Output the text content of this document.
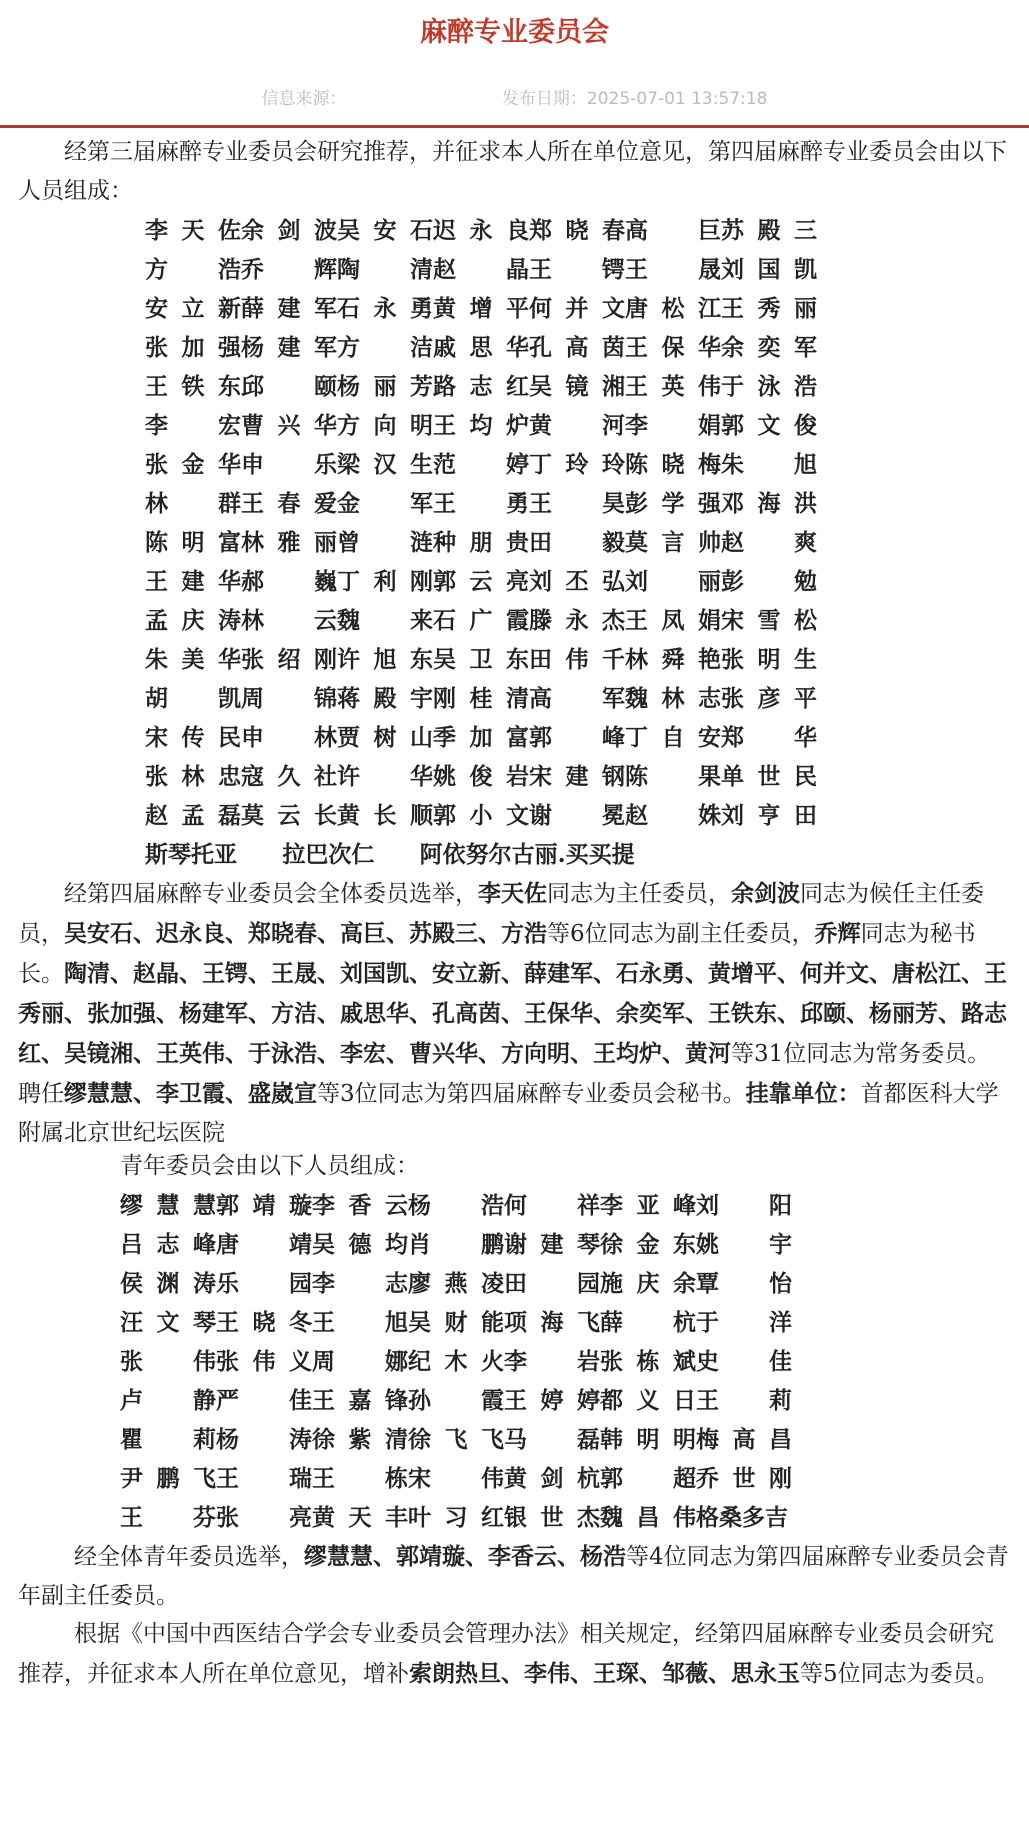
麻醉专业委员会
信息来源：	发布日期：2025-07-01 13:57:18

经第三届麻醉专业委员会研究推荐，并征求本人所在单位意见，第四届麻醉专业委员会由以下人员组成：

李天佐余剑波吴安石迟永良郑晓春高　巨苏殿三
方　浩乔　辉陶　清赵　晶王　锷王　晟刘国凯
安立新薛建军石永勇黄增平何并文唐松江王秀丽
张加强杨建军方　洁戚思华孔高茵王保华余奕军
王铁东邱　颐杨丽芳路志红吴镜湘王英伟于泳浩
李　宏曹兴华方向明王均炉黄　河李　娟郭文俊
张金华申　乐梁汉生范　婷丁玲玲陈晓梅朱　旭
林　群王春爱金　军王　勇王　昊彭学强邓海洪
陈明富林雅丽曾　涟种朋贵田　毅莫言帅赵　爽
王建华郝　巍丁利刚郭云亮刘丕弘刘　丽彭　勉
孟庆涛林　云魏　来石广霞滕永杰王凤娟宋雪松
朱美华张绍刚许旭东吴卫东田伟千林舜艳张明生
胡　凯周　锦蒋殿宇刚桂清高　军魏林志张彦平
宋传民申　林贾树山季加富郭　峰丁自安郑　华
张林忠寇久社许　华姚俊岩宋建钢陈　果单世民
赵孟磊莫云长黄长顺郭小文谢　冕赵　姝刘亨田
斯琴托亚 拉巴次仁 阿依努尔古丽.买买提

经第四届麻醉专业委员会全体委员选举，李天佐同志为主任委员，余剑波同志为候任主任委员，吴安石、迟永良、郑晓春、高巨、苏殿三、方浩等6位同志为副主任委员，乔辉同志为秘书长。陶清、赵晶、王锷、王晟、刘国凯、安立新、薛建军、石永勇、黄增平、何并文、唐松江、王秀丽、张加强、杨建军、方洁、戚思华、孔高茵、王保华、余奕军、王铁东、邱颐、杨丽芳、路志红、吴镜湘、王英伟、于泳浩、李宏、曹兴华、方向明、王均炉、黄河等31位同志为常务委员。聘任缪慧慧、李卫霞、盛崴宣等3位同志为第四届麻醉专业委员会秘书。挂靠单位：首都医科大学附属北京世纪坛医院

青年委员会由以下人员组成：
缪慧慧郭靖璇李香云杨　浩何　祥李亚峰刘　阳
吕志峰唐　靖吴德均肖　鹏谢建琴徐金东姚　宇
侯渊涛乐　园李　志廖燕凌田　园施庆余覃　怡
汪文琴王晓冬王　旭吴财能项海飞薛　杭于　洋
张　伟张伟义周　娜纪木火李　岩张栋斌史　佳
卢　静严　佳王嘉锋孙　霞王婷婷都义日王　莉
瞿　莉杨　涛徐紫清徐飞飞马　磊韩明明梅高昌
尹鹏飞王　瑞王　栋宋　伟黄剑杭郭　超乔世刚
王　芬张　亮黄天丰叶习红银世杰魏昌伟格桑多吉

经全体青年委员选举，缪慧慧、郭靖璇、李香云、杨浩等4位同志为第四届麻醉专业委员会青年副主任委员。

根据《中国中西医结合学会专业委员会管理办法》相关规定，经第四届麻醉专业委员会研究推荐，并征求本人所在单位意见，增补索朗热旦、李伟、王琛、邹薇、思永玉等5位同志为委员。
